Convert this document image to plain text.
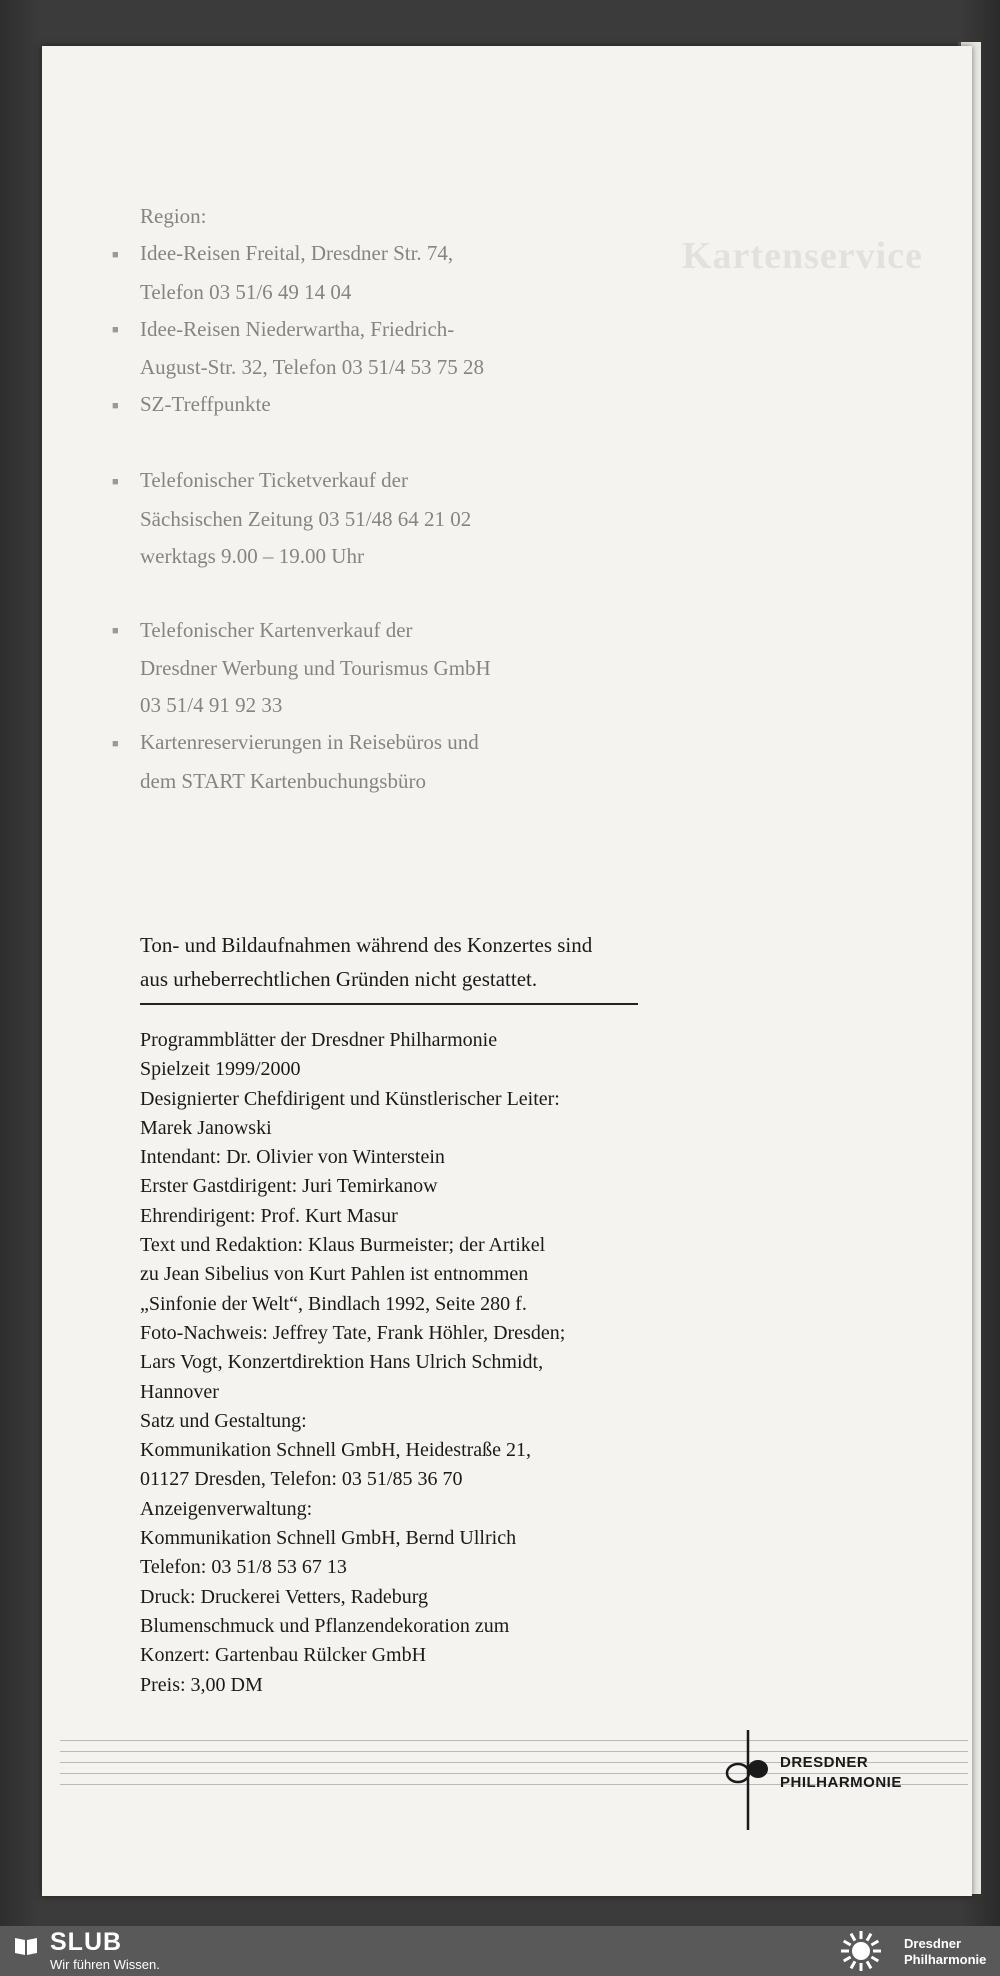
Kartenservice

Region:

■ Idee-Reisen Freital, Dresdner Str. 74,

Telefon 03 51/6 49 14 04

■ Idee-Reisen Niederwartha, Friedrich-

August-Str. 32, Telefon 03 51/4 53 75 28

■ SZ-Treffpunkte

■ Telefonischer Ticketverkauf der

Sächsischen Zeitung 03 51/48 64 21 02

werktags 9.00 – 19.00 Uhr

■ Telefonischer Kartenverkauf der

Dresdner Werbung und Tourismus GmbH

03 51/4 91 92 33

■ Kartenreservierungen in Reisebüros und

dem START Kartenbuchungsbüro

Ton- und Bildaufnahmen während des Konzertes sind

aus urheberrechtlichen Gründen nicht gestattet.

Programmblätter der Dresdner Philharmonie

Spielzeit 1999/2000

Designierter Chefdirigent und Künstlerischer Leiter:

Marek Janowski

Intendant: Dr. Olivier von Winterstein

Erster Gastdirigent: Juri Temirkanow

Ehrendirigent: Prof. Kurt Masur

Text und Redaktion: Klaus Burmeister; der Artikel

zu Jean Sibelius von Kurt Pahlen ist entnommen

„Sinfonie der Welt“, Bindlach 1992, Seite 280 f.

Foto-Nachweis: Jeffrey Tate, Frank Höhler, Dresden;

Lars Vogt, Konzertdirektion Hans Ulrich Schmidt,

Hannover

Satz und Gestaltung:

Kommunikation Schnell GmbH, Heidestraße 21,

01127 Dresden, Telefon: 03 51/85 36 70

Anzeigenverwaltung:

Kommunikation Schnell GmbH, Bernd Ullrich

Telefon: 03 51/8 53 67 13

Druck: Druckerei Vetters, Radeburg

Blumenschmuck und Pflanzendekoration zum

Konzert: Gartenbau Rülcker GmbH

Preis: 3,00 DM

DRESDNER
PHILHARMONIE
SLUB
Wir führen Wissen.
Dresdner
Philharmonie
